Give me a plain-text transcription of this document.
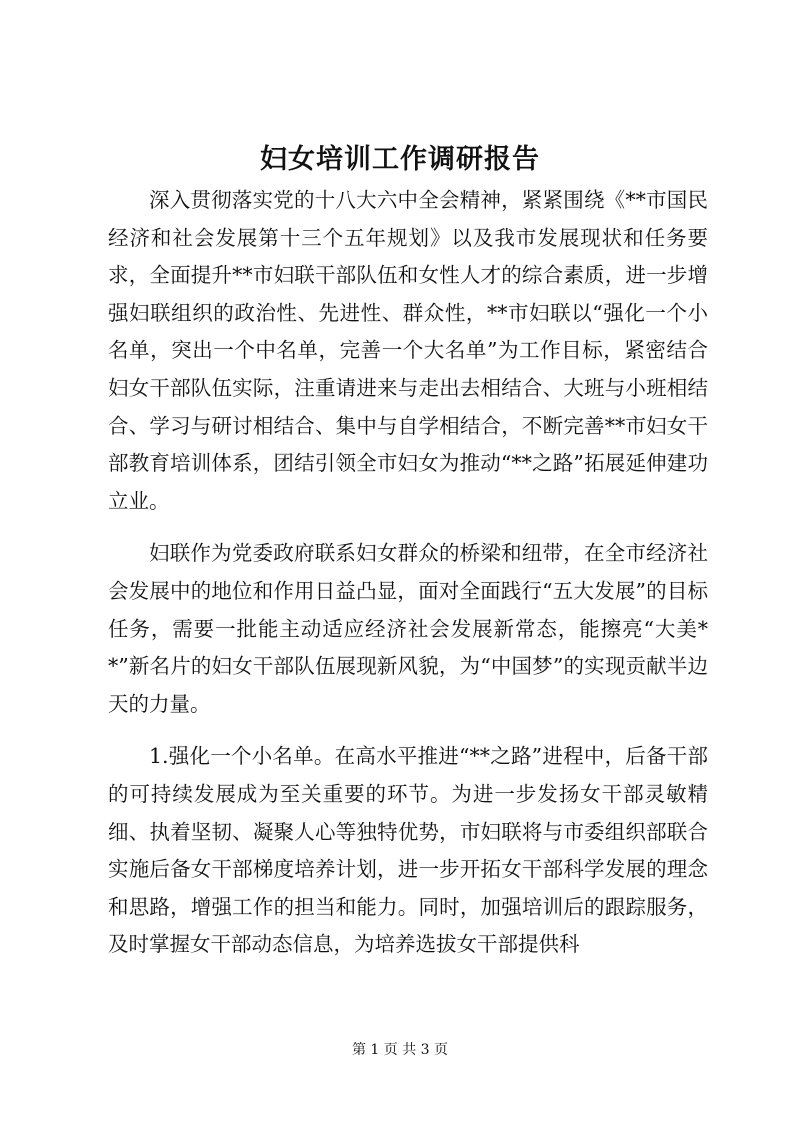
妇女培训工作调研报告

深入贯彻落实党的十八大六中全会精神，紧紧围绕《**市国民经济和社会发展第十三个五年规划》以及我市发展现状和任务要求，全面提升**市妇联干部队伍和女性人才的综合素质，进一步增强妇联组织的政治性、先进性、群众性，**市妇联以“强化一个小名单，突出一个中名单，完善一个大名单”为工作目标，紧密结合妇女干部队伍实际，注重请进来与走出去相结合、大班与小班相结合、学习与研讨相结合、集中与自学相结合，不断完善**市妇女干部教育培训体系，团结引领全市妇女为推动“**之路”拓展延伸建功立业。

妇联作为党委政府联系妇女群众的桥梁和纽带，在全市经济社会发展中的地位和作用日益凸显，面对全面践行“五大发展”的目标任务，需要一批能主动适应经济社会发展新常态，能擦亮“大美**”新名片的妇女干部队伍展现新风貌，为“中国梦”的实现贡献半边天的力量。

1.强化一个小名单。在高水平推进“**之路”进程中，后备干部的可持续发展成为至关重要的环节。为进一步发扬女干部灵敏精细、执着坚韧、凝聚人心等独特优势，市妇联将与市委组织部联合实施后备女干部梯度培养计划，进一步开拓女干部科学发展的理念和思路，增强工作的担当和能力。同时，加强培训后的跟踪服务，及时掌握女干部动态信息，为培养选拔女干部提供科

第 1 页 共 3 页
